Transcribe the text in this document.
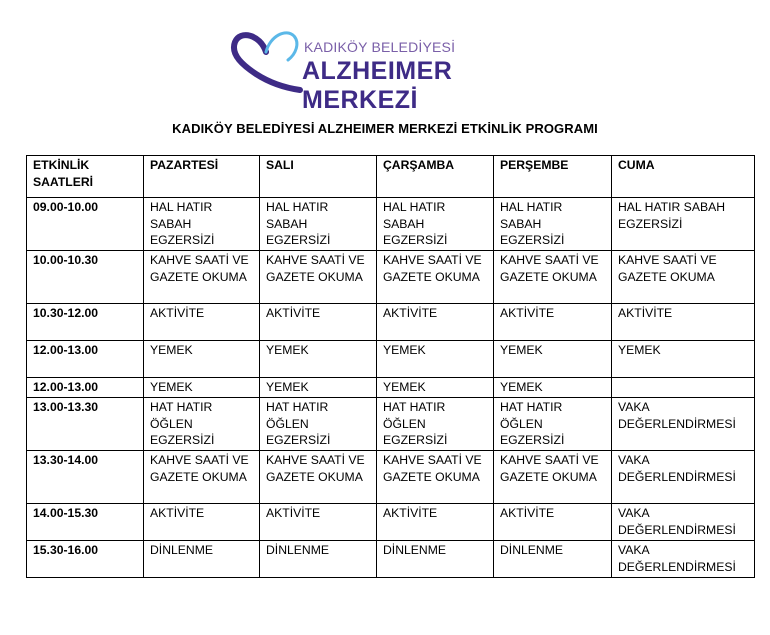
KADIKÖY BELEDİYESİ
ALZHEIMER MERKEZİ
KADIKÖY BELEDİYESİ ALZHEIMER MERKEZİ ETKİNLİK PROGRAMI
ETKİNLİK SAATLERİ	PAZARTESİ	SALI	ÇARŞAMBA	PERŞEMBE	CUMA
09.00-10.00	HAL HATIR SABAH EGZERSİZİ	HAL HATIR SABAH EGZERSİZİ	HAL HATIR SABAH EGZERSİZİ	HAL HATIR SABAH EGZERSİZİ	HAL HATIR SABAH EGZERSİZİ
10.00-10.30	KAHVE SAATİ VE GAZETE OKUMA	KAHVE SAATİ VE GAZETE OKUMA	KAHVE SAATİ VE GAZETE OKUMA	KAHVE SAATİ VE GAZETE OKUMA	KAHVE SAATİ VE GAZETE OKUMA
10.30-12.00	AKTİVİTE	AKTİVİTE	AKTİVİTE	AKTİVİTE	AKTİVİTE
12.00-13.00	YEMEK	YEMEK	YEMEK	YEMEK	YEMEK
12.00-13.00	YEMEK	YEMEK	YEMEK	YEMEK	
13.00-13.30	HAT HATIR ÖĞLEN EGZERSİZİ	HAT HATIR ÖĞLEN EGZERSİZİ	HAT HATIR ÖĞLEN EGZERSİZİ	HAT HATIR ÖĞLEN EGZERSİZİ	VAKA DEĞERLENDİRMESİ
13.30-14.00	KAHVE SAATİ VE GAZETE OKUMA	KAHVE SAATİ VE GAZETE OKUMA	KAHVE SAATİ VE GAZETE OKUMA	KAHVE SAATİ VE GAZETE OKUMA	VAKA DEĞERLENDİRMESİ
14.00-15.30	AKTİVİTE	AKTİVİTE	AKTİVİTE	AKTİVİTE	VAKA DEĞERLENDİRMESİ
15.30-16.00	DİNLENME	DİNLENME	DİNLENME	DİNLENME	VAKA DEĞERLENDİRMESİ
